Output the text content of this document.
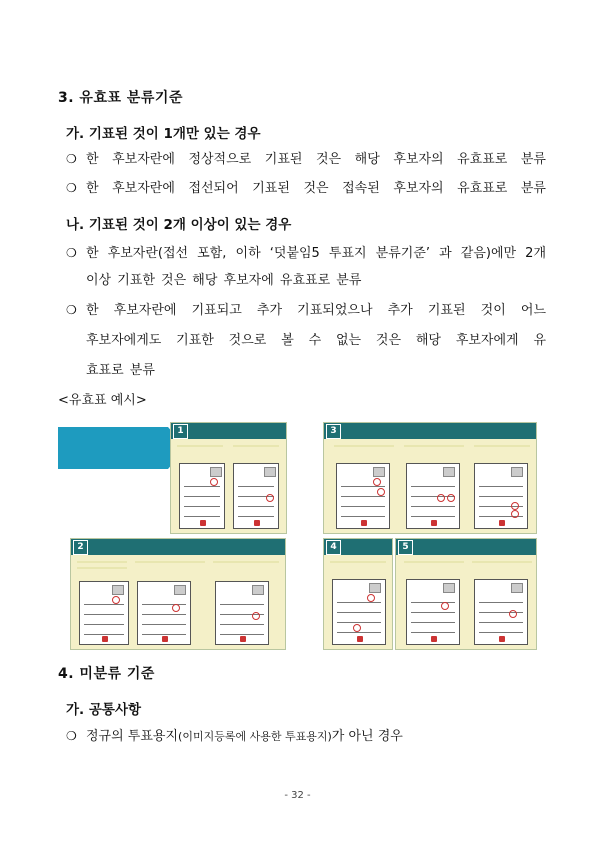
3. 유효표 분류기준
가. 기표된 것이 1개만 있는 경우
❍ 한 후보자란에 정상적으로 기표된 것은 해당 후보자의 유효표로 분류
❍ 한 후보자란에 접선되어 기표된 것은 접속된 후보자의 유효표로 분류
나. 기표된 것이 2개 이상이 있는 경우
❍ 한 후보자란(접선 포함, 이하 ‘덧붙임5 투표지 분류기준’ 과 같음)에만 2개
이상 기표한 것은 해당 후보자에 유효표로 분류
❍ 한 후보자란에 기표되고 추가 기표되었으나 추가 기표된 것이 어느
후보자에게도 기표한 것으로 볼 수 없는 것은 해당 후보자에게 유
효표로 분류
<유효표 예시>
1	3
2	4	5
4. 미분류 기준
가. 공통사항
❍ 정규의 투표용지(이미지등록에 사용한 투표용지)가 아닌 경우
- 32 -
